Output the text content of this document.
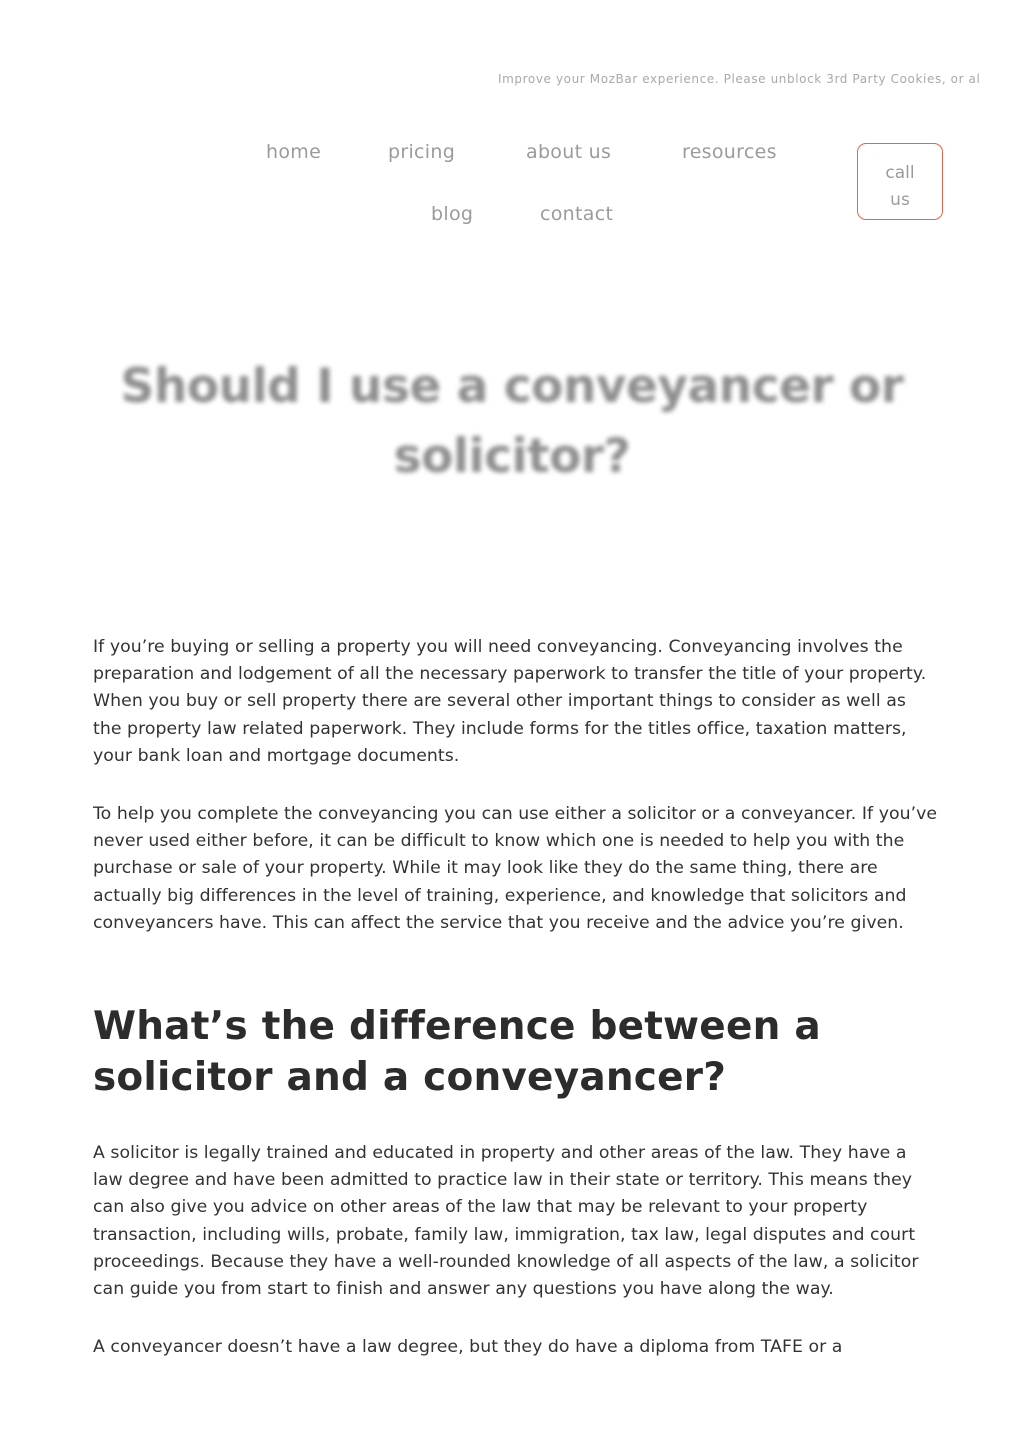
Improve your MozBar experience. Please unblock 3rd Party Cookies, or al
home	pricing	about us	resources
blog	contact
call
us
Should I use a conveyancer or solicitor?

If you’re buying or selling a property you will need conveyancing. Conveyancing involves the preparation and lodgement of all the necessary paperwork to transfer the title of your property. When you buy or sell property there are several other important things to consider as well as the property law related paperwork. They include forms for the titles office, taxation matters, your bank loan and mortgage documents.

To help you complete the conveyancing you can use either a solicitor or a conveyancer. If you’ve never used either before, it can be difficult to know which one is needed to help you with the purchase or sale of your property. While it may look like they do the same thing, there are actually big differences in the level of training, experience, and knowledge that solicitors and conveyancers have. This can affect the service that you receive and the advice you’re given.

What’s the difference between a solicitor and a conveyancer?

A solicitor is legally trained and educated in property and other areas of the law. They have a law degree and have been admitted to practice law in their state or territory. This means they can also give you advice on other areas of the law that may be relevant to your property transaction, including wills, probate, family law, immigration, tax law, legal disputes and court proceedings. Because they have a well-rounded knowledge of all aspects of the law, a solicitor can guide you from start to finish and answer any questions you have along the way.

A conveyancer doesn’t have a law degree, but they do have a diploma from TAFE or a
